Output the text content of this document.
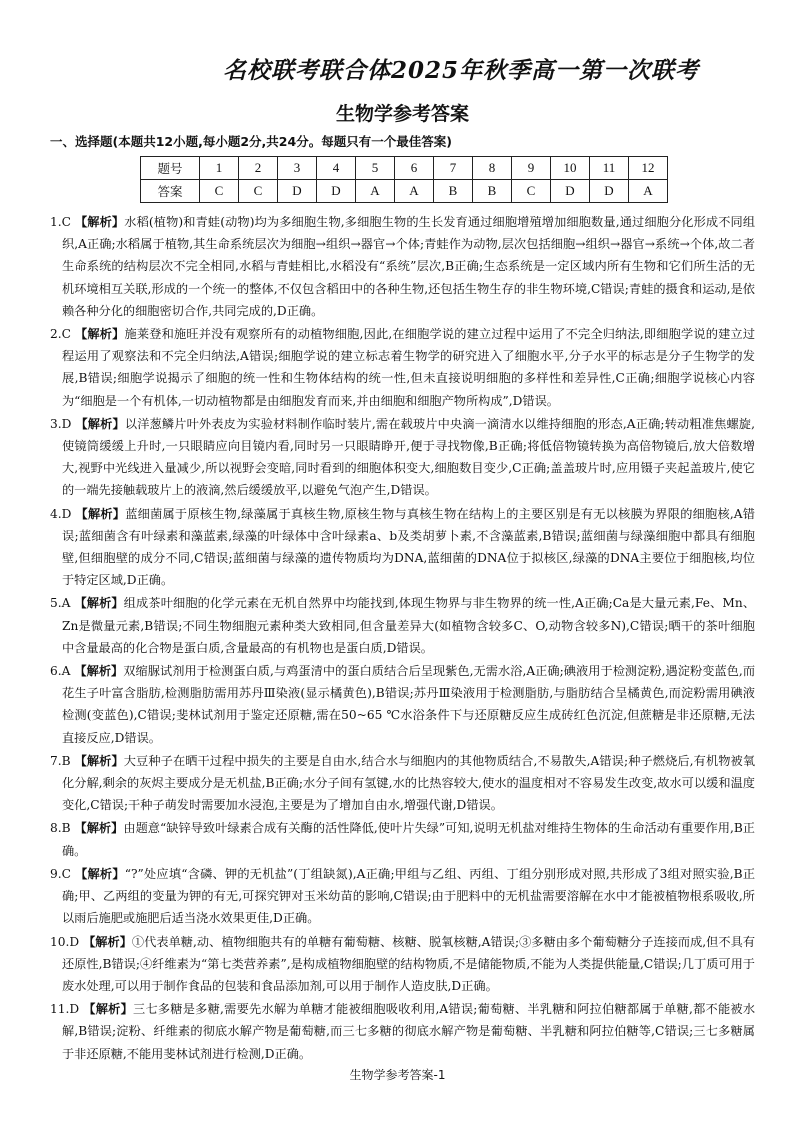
名校联考联合体2025年秋季高一第一次联考
生物学参考答案
一、选择题(本题共12小题,每小题2分,共24分。每题只有一个最佳答案)
题号	1	2	3	4	5	6	7	8	9	10	11	12
答案	C	C	D	D	A	A	B	B	C	D	D	A
1.C 【解析】水稻(植物)和青蛙(动物)均为多细胞生物,多细胞生物的生长发育通过细胞增殖增加细胞数量,通过细胞分化形成不同组织,A正确;水稻属于植物,其生命系统层次为细胞→组织→器官→个体;青蛙作为动物,层次包括细胞→组织→器官→系统→个体,故二者生命系统的结构层次不完全相同,水稻与青蛙相比,水稻没有“系统”层次,B正确;生态系统是一定区域内所有生物和它们所生活的无机环境相互关联,形成的一个统一的整体,不仅包含稻田中的各种生物,还包括生物生存的非生物环境,C错误;青蛙的摄食和运动,是依赖各种分化的细胞密切合作,共同完成的,D正确。
2.C 【解析】施莱登和施旺并没有观察所有的动植物细胞,因此,在细胞学说的建立过程中运用了不完全归纳法,即细胞学说的建立过程运用了观察法和不完全归纳法,A错误;细胞学说的建立标志着生物学的研究进入了细胞水平,分子水平的标志是分子生物学的发展,B错误;细胞学说揭示了细胞的统一性和生物体结构的统一性,但未直接说明细胞的多样性和差异性,C正确;细胞学说核心内容为“细胞是一个有机体,一切动植物都是由细胞发育而来,并由细胞和细胞产物所构成”,D错误。
3.D 【解析】以洋葱鳞片叶外表皮为实验材料制作临时装片,需在载玻片中央滴一滴清水以维持细胞的形态,A正确;转动粗准焦螺旋,使镜筒缓缓上升时,一只眼睛应向目镜内看,同时另一只眼睛睁开,便于寻找物像,B正确;将低倍物镜转换为高倍物镜后,放大倍数增大,视野中光线进入量减少,所以视野会变暗,同时看到的细胞体积变大,细胞数目变少,C正确;盖盖玻片时,应用镊子夹起盖玻片,使它的一端先接触载玻片上的液滴,然后缓缓放平,以避免气泡产生,D错误。
4.D 【解析】蓝细菌属于原核生物,绿藻属于真核生物,原核生物与真核生物在结构上的主要区别是有无以核膜为界限的细胞核,A错误;蓝细菌含有叶绿素和藻蓝素,绿藻的叶绿体中含叶绿素a、b及类胡萝卜素,不含藻蓝素,B错误;蓝细菌与绿藻细胞中都具有细胞壁,但细胞壁的成分不同,C错误;蓝细菌与绿藻的遗传物质均为DNA,蓝细菌的DNA位于拟核区,绿藻的DNA主要位于细胞核,均位于特定区域,D正确。
5.A 【解析】组成茶叶细胞的化学元素在无机自然界中均能找到,体现生物界与非生物界的统一性,A正确;Ca是大量元素,Fe、Mn、Zn是微量元素,B错误;不同生物细胞元素种类大致相同,但含量差异大(如植物含较多C、O,动物含较多N),C错误;晒干的茶叶细胞中含量最高的化合物是蛋白质,含量最高的有机物也是蛋白质,D错误。
6.A 【解析】双缩脲试剂用于检测蛋白质,与鸡蛋清中的蛋白质结合后呈现紫色,无需水浴,A正确;碘液用于检测淀粉,遇淀粉变蓝色,而花生子叶富含脂肪,检测脂肪需用苏丹Ⅲ染液(显示橘黄色),B错误;苏丹Ⅲ染液用于检测脂肪,与脂肪结合呈橘黄色,而淀粉需用碘液检测(变蓝色),C错误;斐林试剂用于鉴定还原糖,需在50~65 ℃水浴条件下与还原糖反应生成砖红色沉淀,但蔗糖是非还原糖,无法直接反应,D错误。
7.B 【解析】大豆种子在晒干过程中损失的主要是自由水,结合水与细胞内的其他物质结合,不易散失,A错误;种子燃烧后,有机物被氧化分解,剩余的灰烬主要成分是无机盐,B正确;水分子间有氢键,水的比热容较大,使水的温度相对不容易发生改变,故水可以缓和温度变化,C错误;干种子萌发时需要加水浸泡,主要是为了增加自由水,增强代谢,D错误。
8.B 【解析】由题意“缺锌导致叶绿素合成有关酶的活性降低,使叶片失绿”可知,说明无机盐对维持生物体的生命活动有重要作用,B正确。
9.C 【解析】“?”处应填“含磷、钾的无机盐”(丁组缺氮),A正确;甲组与乙组、丙组、丁组分别形成对照,共形成了3组对照实验,B正确;甲、乙两组的变量为钾的有无,可探究钾对玉米幼苗的影响,C错误;由于肥料中的无机盐需要溶解在水中才能被植物根系吸收,所以雨后施肥或施肥后适当浇水效果更佳,D正确。
10.D 【解析】①代表单糖,动、植物细胞共有的单糖有葡萄糖、核糖、脱氧核糖,A错误;③多糖由多个葡萄糖分子连接而成,但不具有还原性,B错误;④纤维素为“第七类营养素”,是构成植物细胞壁的结构物质,不是储能物质,不能为人类提供能量,C错误;几丁质可用于废水处理,可以用于制作食品的包装和食品添加剂,可以用于制作人造皮肤,D正确。
11.D 【解析】三七多糖是多糖,需要先水解为单糖才能被细胞吸收利用,A错误;葡萄糖、半乳糖和阿拉伯糖都属于单糖,都不能被水解,B错误;淀粉、纤维素的彻底水解产物是葡萄糖,而三七多糖的彻底水解产物是葡萄糖、半乳糖和阿拉伯糖等,C错误;三七多糖属于非还原糖,不能用斐林试剂进行检测,D正确。
生物学参考答案-1
